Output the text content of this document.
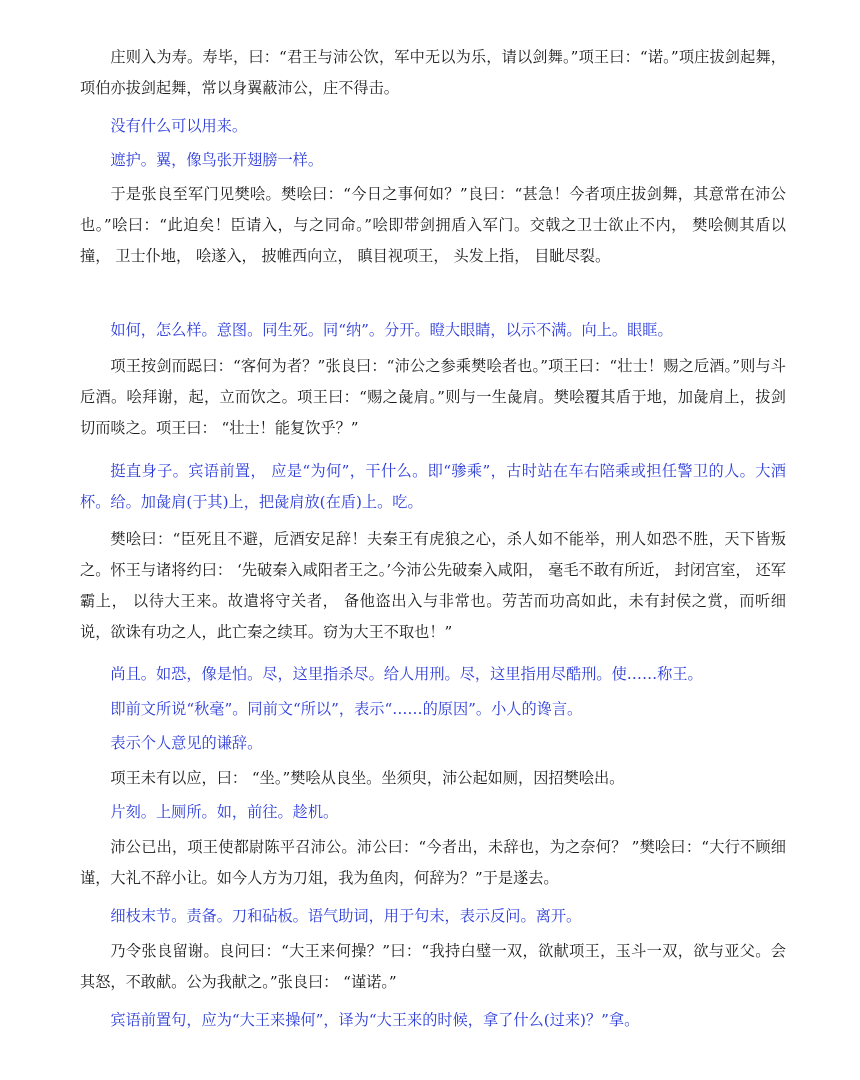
庄则入为寿。寿毕，曰：“君王与沛公饮，军中无以为乐，请以剑舞。”项王曰：“诺。”项庄拔剑起舞，项伯亦拔剑起舞，常以身翼蔽沛公，庄不得击。

没有什么可以用来。

遮护。翼，像鸟张开翅膀一样。

于是张良至军门见樊哙。樊哙曰：“今日之事何如？”良曰：“甚急！今者项庄拔剑舞，其意常在沛公也。”哙曰：“此迫矣！臣请入，与之同命。”哙即带剑拥盾入军门。交戟之卫士欲止不内， 樊哙侧其盾以撞， 卫士仆地， 哙遂入， 披帷西向立， 瞋目视项王， 头发上指， 目眦尽裂。

如何，怎么样。意图。同生死。同“纳”。分开。瞪大眼睛，以示不满。向上。眼眶。

项王按剑而跽曰：“客何为者？”张良曰：“沛公之参乘樊哙者也。”项王曰：“壮士！赐之卮酒。”则与斗卮酒。哙拜谢，起，立而饮之。项王曰：“赐之彘肩。”则与一生彘肩。樊哙覆其盾于地，加彘肩上，拔剑切而啖之。项王曰： “壮士！能复饮乎？”

挺直身子。宾语前置， 应是“为何”，干什么。即“骖乘”，古时站在车右陪乘或担任警卫的人。大酒杯。给。加彘肩(于其)上，把彘肩放(在盾)上。吃。

樊哙曰：“臣死且不避，卮酒安足辞！夫秦王有虎狼之心，杀人如不能举，刑人如恐不胜，天下皆叛之。怀王与诸将约曰： ‘先破秦入咸阳者王之。’今沛公先破秦入咸阳， 毫毛不敢有所近， 封闭宫室， 还军霸上， 以待大王来。故遣将守关者， 备他盗出入与非常也。劳苦而功高如此，未有封侯之赏，而听细说，欲诛有功之人，此亡秦之续耳。窃为大王不取也！”

尚且。如恐，像是怕。尽，这里指杀尽。给人用刑。尽，这里指用尽酷刑。使……称王。

即前文所说“秋毫”。同前文“所以”，表示“……的原因”。小人的谗言。

表示个人意见的谦辞。

项王未有以应，曰： “坐。”樊哙从良坐。坐须臾，沛公起如厕，因招樊哙出。

片刻。上厕所。如，前往。趁机。

沛公已出，项王使都尉陈平召沛公。沛公曰：“今者出，未辞也，为之奈何？ ”樊哙曰：“大行不顾细谨，大礼不辞小让。如今人方为刀俎，我为鱼肉，何辞为？”于是遂去。

细枝末节。责备。刀和砧板。语气助词，用于句末，表示反问。离开。

乃令张良留谢。良问曰：“大王来何操？”曰：“我持白璧一双，欲献项王，玉斗一双，欲与亚父。会其怒，不敢献。公为我献之。”张良曰： “谨诺。”

宾语前置句，应为“大王来操何”，译为“大王来的时候，拿了什么(过来)？”拿。
